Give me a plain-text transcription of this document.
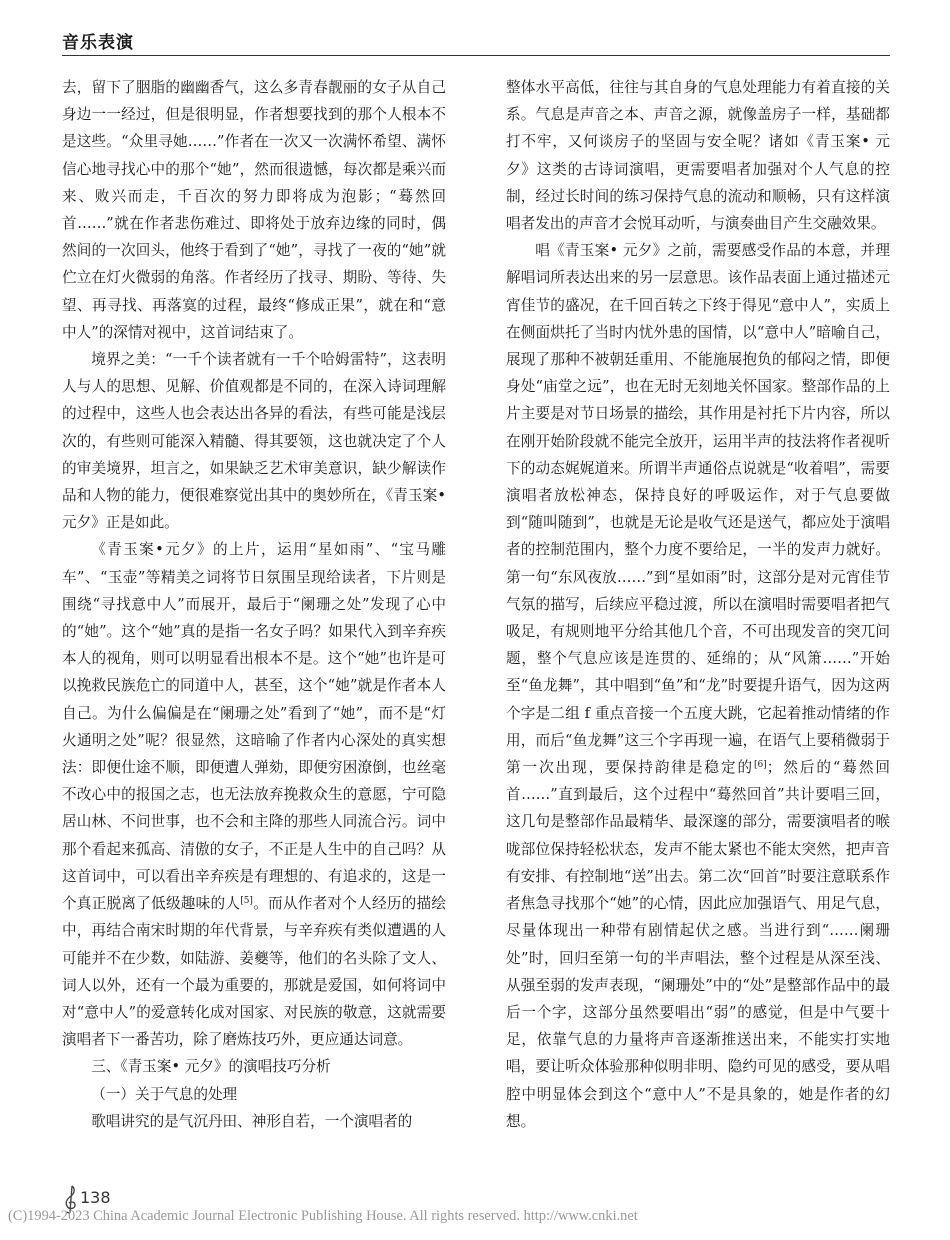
音乐表演

去，留下了胭脂的幽幽香气，这么多青春靓丽的女子从自己身边一一经过，但是很明显，作者想要找到的那个人根本不是这些。“众里寻她……”作者在一次又一次满怀希望、满怀信心地寻找心中的那个“她”，然而很遗憾，每次都是乘兴而来、败兴而走，千百次的努力即将成为泡影；“蓦然回首……”就在作者悲伤难过、即将处于放弃边缘的同时，偶然间的一次回头，他终于看到了“她”，寻找了一夜的“她”就伫立在灯火微弱的角落。作者经历了找寻、期盼、等待、失望、再寻找、再落寞的过程，最终“修成正果”，就在和“意中人”的深情对视中，这首词结束了。

境界之美：“一千个读者就有一千个哈姆雷特”，这表明人与人的思想、见解、价值观都是不同的，在深入诗词理解的过程中，这些人也会表达出各异的看法，有些可能是浅层次的，有些则可能深入精髓、得其要领，这也就决定了个人的审美境界，坦言之，如果缺乏艺术审美意识，缺少解读作品和人物的能力，便很难察觉出其中的奥妙所在，《青玉案• 元夕》正是如此。

《青玉案•元夕》的上片，运用“星如雨”、“宝马雕车”、“玉壶”等精美之词将节日氛围呈现给读者，下片则是围绕“寻找意中人”而展开，最后于“阑珊之处”发现了心中的“她”。这个“她”真的是指一名女子吗？如果代入到辛弃疾本人的视角，则可以明显看出根本不是。这个“她”也许是可以挽救民族危亡的同道中人，甚至，这个“她”就是作者本人自己。为什么偏偏是在“阑珊之处”看到了“她”，而不是“灯火通明之处”呢？很显然，这暗喻了作者内心深处的真实想法：即便仕途不顺，即便遭人弹劾，即便穷困潦倒，也丝毫不改心中的报国之志，也无法放弃挽救众生的意愿，宁可隐居山林、不问世事，也不会和主降的那些人同流合污。词中那个看起来孤高、清傲的女子，不正是人生中的自己吗？从这首词中，可以看出辛弃疾是有理想的、有追求的，这是一个真正脱离了低级趣味的人[5]。而从作者对个人经历的描绘中，再结合南宋时期的年代背景，与辛弃疾有类似遭遇的人可能并不在少数，如陆游、姜夔等，他们的名头除了文人、词人以外，还有一个最为重要的，那就是爱国，如何将词中对“意中人”的爱意转化成对国家、对民族的敬意，这就需要演唱者下一番苦功，除了磨炼技巧外，更应通达词意。

三、《青玉案• 元夕》的演唱技巧分析

（一）关于气息的处理

歌唱讲究的是气沉丹田、神形自若，一个演唱者的

整体水平高低，往往与其自身的气息处理能力有着直接的关系。气息是声音之本、声音之源，就像盖房子一样，基础都打不牢，又何谈房子的坚固与安全呢？诸如《青玉案• 元夕》这类的古诗词演唱，更需要唱者加强对个人气息的控制，经过长时间的练习保持气息的流动和顺畅，只有这样演唱者发出的声音才会悦耳动听，与演奏曲目产生交融效果。

唱《青玉案• 元夕》之前，需要感受作品的本意，并理解唱词所表达出来的另一层意思。该作品表面上通过描述元宵佳节的盛况，在千回百转之下终于得见“意中人”，实质上在侧面烘托了当时内忧外患的国情，以“意中人”暗喻自己，展现了那种不被朝廷重用、不能施展抱负的郁闷之情，即便身处“庙堂之远”，也在无时无刻地关怀国家。整部作品的上片主要是对节日场景的描绘，其作用是衬托下片内容，所以在刚开始阶段就不能完全放开，运用半声的技法将作者视听下的动态娓娓道来。所谓半声通俗点说就是“收着唱”，需要演唱者放松神态，保持良好的呼吸运作，对于气息要做到“随叫随到”，也就是无论是收气还是送气，都应处于演唱者的控制范围内，整个力度不要给足，一半的发声力就好。第一句“东风夜放……”到“星如雨”时，这部分是对元宵佳节气氛的描写，后续应平稳过渡，所以在演唱时需要唱者把气吸足，有规则地平分给其他几个音，不可出现发音的突兀问题，整个气息应该是连贯的、延绵的；从“风箫……”开始至“鱼龙舞”，其中唱到“鱼”和“龙”时要提升语气，因为这两个字是二组 f 重点音接一个五度大跳，它起着推动情绪的作用，而后“鱼龙舞”这三个字再现一遍，在语气上要稍微弱于第一次出现，要保持韵律是稳定的[6]；然后的“蓦然回首……”直到最后，这个过程中“蓦然回首”共计要唱三回，这几句是整部作品最精华、最深邃的部分，需要演唱者的喉咙部位保持轻松状态，发声不能太紧也不能太突然，把声音有安排、有控制地“送”出去。第二次“回首”时要注意联系作者焦急寻找那个“她”的心情，因此应加强语气、用足气息，尽量体现出一种带有剧情起伏之感。当进行到“……阑珊处”时，回归至第一句的半声唱法，整个过程是从深至浅、从强至弱的发声表现，“阑珊处”中的“处”是整部作品中的最后一个字，这部分虽然要唱出“弱”的感觉，但是中气要十足，依靠气息的力量将声音逐渐推送出来，不能实打实地唱，要让听众体验那种似明非明、隐约可见的感受，要从唱腔中明显体会到这个“意中人”不是具象的，她是作者的幻想。

138
(C)1994-2023 China Academic Journal Electronic Publishing House. All rights reserved. http://www.cnki.net
